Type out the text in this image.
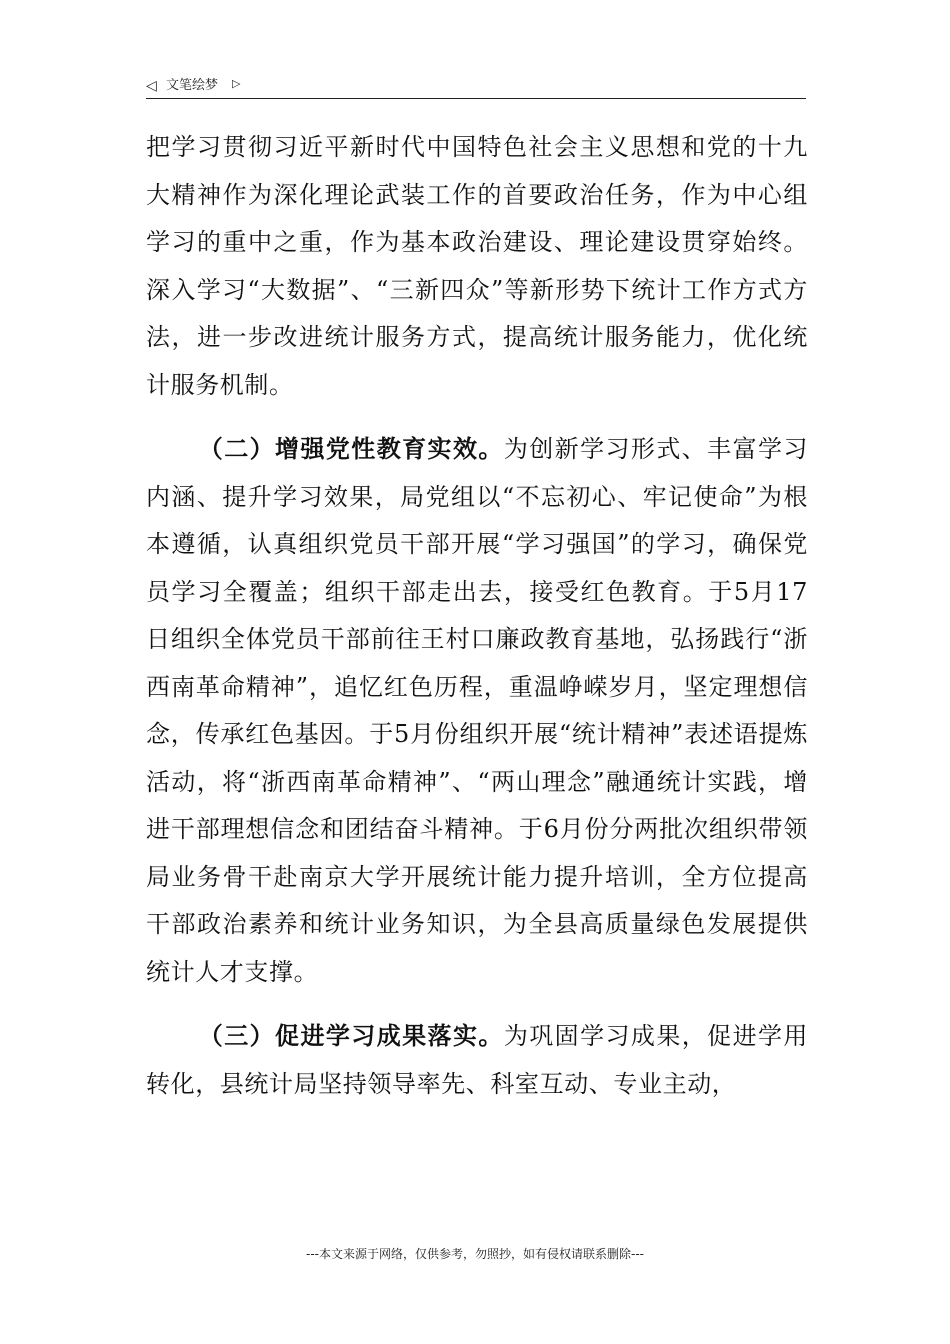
◁ 文笔绘梦 ▷

把学习贯彻习近平新时代中国特色社会主义思想和党的十九大精神作为深化理论武装工作的首要政治任务，作为中心组学习的重中之重，作为基本政治建设、理论建设贯穿始终。深入学习“大数据”、“三新四众”等新形势下统计工作方式方法，进一步改进统计服务方式，提高统计服务能力，优化统计服务机制。

（二）增强党性教育实效。为创新学习形式、丰富学习内涵、提升学习效果，局党组以“不忘初心、牢记使命”为根本遵循，认真组织党员干部开展“学习强国”的学习，确保党员学习全覆盖；组织干部走出去，接受红色教育。于5月17日组织全体党员干部前往王村口廉政教育基地，弘扬践行“浙西南革命精神”，追忆红色历程，重温峥嵘岁月，坚定理想信念，传承红色基因。于5月份组织开展“统计精神”表述语提炼活动，将“浙西南革命精神”、“两山理念”融通统计实践，增进干部理想信念和团结奋斗精神。于6月份分两批次组织带领局业务骨干赴南京大学开展统计能力提升培训，全方位提高干部政治素养和统计业务知识，为全县高质量绿色发展提供统计人才支撑。

（三）促进学习成果落实。为巩固学习成果，促进学用转化，县统计局坚持领导率先、科室互动、专业主动，

---本文来源于网络，仅供参考，勿照抄，如有侵权请联系删除---
